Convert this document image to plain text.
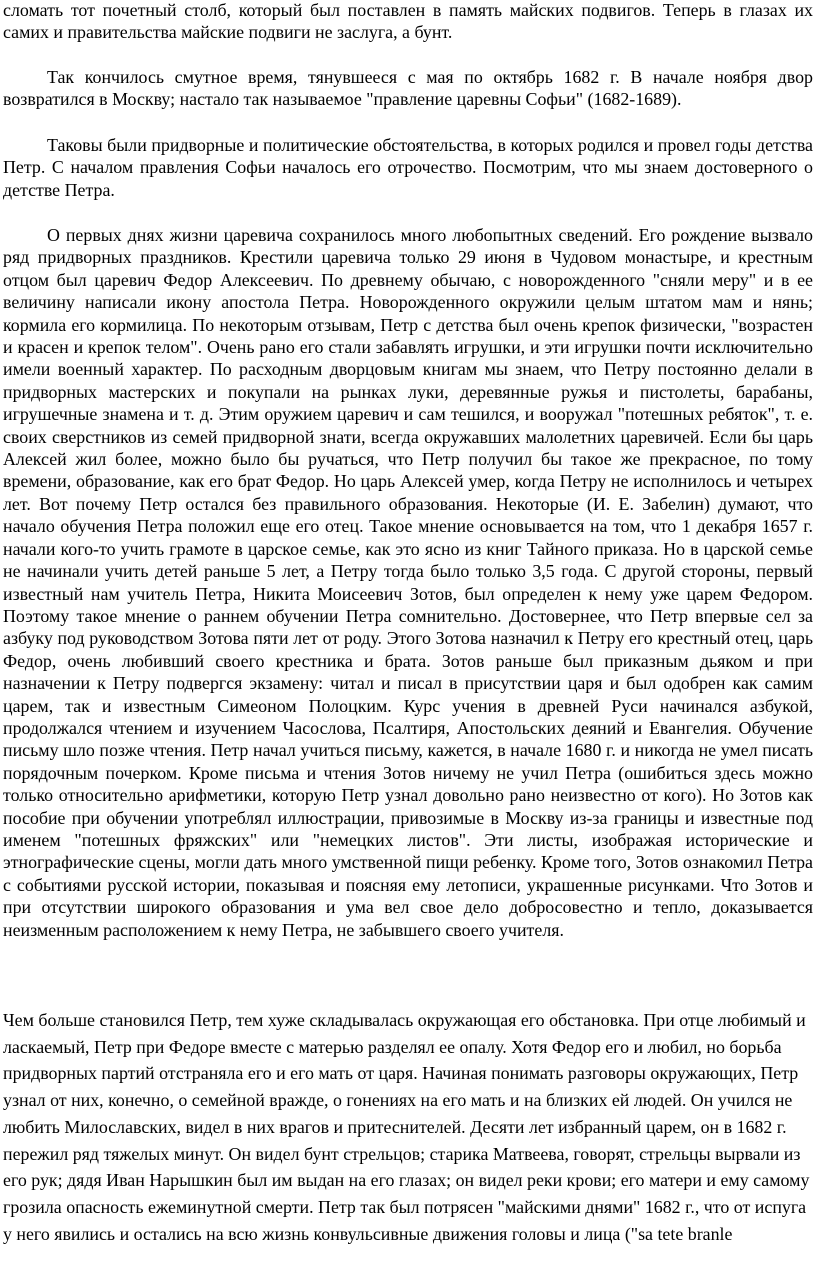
сломать тот почетный столб, который был поставлен в память майских подвигов. Теперь в глазах их самих и правительства майские подвиги не заслуга, а бунт.

Так кончилось смутное время, тянувшееся с мая по октябрь 1682 г. В начале ноября двор возвратился в Москву; настало так называемое "правление царевны Софьи" (1682-1689).

Таковы были придворные и политические обстоятельства, в которых родился и провел годы детства Петр. С началом правления Софьи началось его отрочество. Посмотрим, что мы знаем достоверного о детстве Петра.

О первых днях жизни царевича сохранилось много любопытных сведений. Его рождение вызвало ряд придворных праздников. Крестили царевича только 29 июня в Чудовом монастыре, и крестным отцом был царевич Федор Алексеевич. По древнему обычаю, с новорожденного "сняли меру" и в ее величину написали икону апостола Петра. Новорожденного окружили целым штатом мам и нянь; кормила его кормилица. По некоторым отзывам, Петр с детства был очень крепок физически, "возрастен и красен и крепок телом". Очень рано его стали забавлять игрушки, и эти игрушки почти исключительно имели военный характер. По расходным дворцовым книгам мы знаем, что Петру постоянно делали в придворных мастерских и покупали на рынках луки, деревянные ружья и пистолеты, барабаны, игрушечные знамена и т. д. Этим оружием царевич и сам тешился, и вооружал "потешных ребяток", т. е. своих сверстников из семей придворной знати, всегда окружавших малолетних царевичей. Если бы царь Алексей жил более, можно было бы ручаться, что Петр получил бы такое же прекрасное, по тому времени, образование, как его брат Федор. Но царь Алексей умер, когда Петру не исполнилось и четырех лет. Вот почему Петр остался без правильного образования. Некоторые (И. Е. Забелин) думают, что начало обучения Петра положил еще его отец. Такое мнение основывается на том, что 1 декабря 1657 г. начали кого-то учить грамоте в царское семье, как это ясно из книг Тайного приказа. Но в царской семье не начинали учить детей раньше 5 лет, а Петру тогда было только 3,5 года. С другой стороны, первый известный нам учитель Петра, Никита Моисеевич Зотов, был определен к нему уже царем Федором. Поэтому такое мнение о раннем обучении Петра сомнительно. Достовернее, что Петр впервые сел за азбуку под руководством Зотова пяти лет от роду. Этого Зотова назначил к Петру его крестный отец, царь Федор, очень любивший своего крестника и брата. Зотов раньше был приказным дьяком и при назначении к Петру подвергся экзамену: читал и писал в присутствии царя и был одобрен как самим царем, так и известным Симеоном Полоцким. Курс учения в древней Руси начинался азбукой, продолжался чтением и изучением Часослова, Псалтиря, Апостольских деяний и Евангелия. Обучение письму шло позже чтения. Петр начал учиться письму, кажется, в начале 1680 г. и никогда не умел писать порядочным почерком. Кроме письма и чтения Зотов ничему не учил Петра (ошибиться здесь можно только относительно арифметики, которую Петр узнал довольно рано неизвестно от кого). Но Зотов как пособие при обучении употреблял иллюстрации, привозимые в Москву из-за границы и известные под именем "потешных фряжских" или "немецких листов". Эти листы, изображая исторические и этнографические сцены, могли дать много умственной пищи ребенку. Кроме того, Зотов ознакомил Петра с событиями русской истории, показывая и поясняя ему летописи, украшенные рисунками. Что Зотов и при отсутствии широкого образования и ума вел свое дело добросовестно и тепло, доказывается неизменным расположением к нему Петра, не забывшего своего учителя.

Чем больше становился Петр, тем хуже складывалась окружающая его обстановка. При отце любимый и ласкаемый, Петр при Федоре вместе с матерью разделял ее опалу. Хотя Федор его и любил, но борьба придворных партий отстраняла его и его мать от царя. Начиная понимать разговоры окружающих, Петр узнал от них, конечно, о семейной вражде, о гонениях на его мать и на близких ей людей. Он учился не любить Милославских, видел в них врагов и притеснителей. Десяти лет избранный царем, он в 1682 г. пережил ряд тяжелых минут. Он видел бунт стрельцов; старика Матвеева, говорят, стрельцы вырвали из его рук; дядя Иван Нарышкин был им выдан на его глазах; он видел реки крови; его матери и ему самому грозила опасность ежеминутной смерти. Петр так был потрясен "майскими днями" 1682 г., что от испуга у него явились и остались на всю жизнь конвульсивные движения головы и лица ("sa tete branle
